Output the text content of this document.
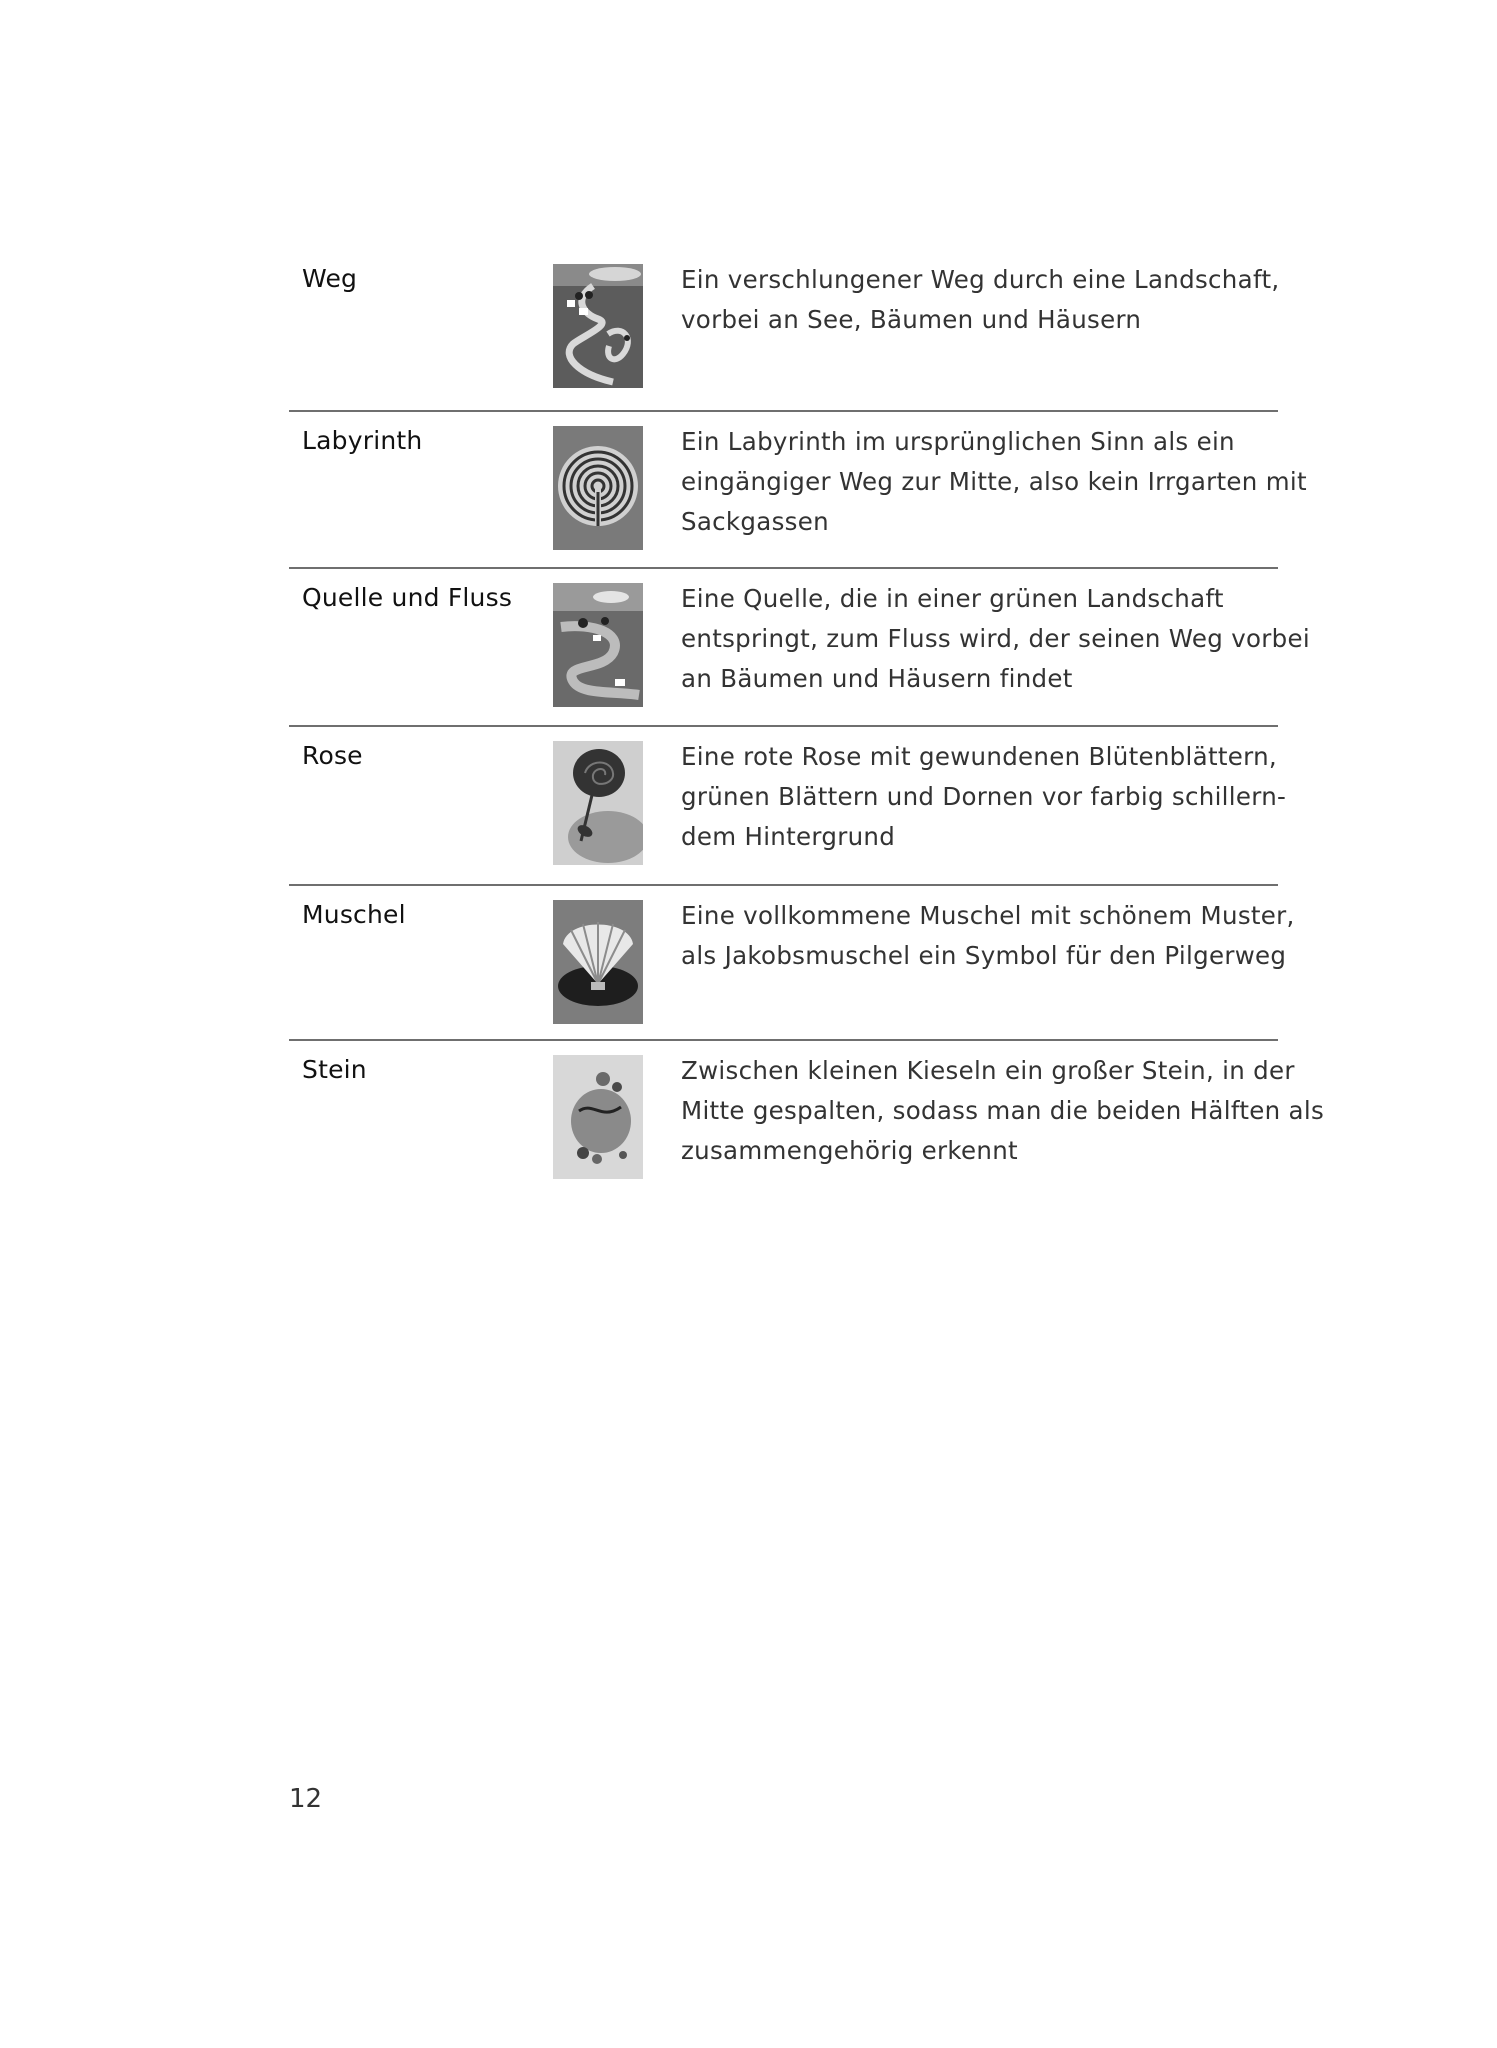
Weg	Ein verschlungener Weg durch eine Landschaft,
vorbei an See, Bäumen und Häusern
Labyrinth	Ein Labyrinth im ursprünglichen Sinn als ein
eingängiger Weg zur Mitte, also kein Irrgarten mit
Sackgassen
Quelle und Fluss	Eine Quelle, die in einer grünen Landschaft
entspringt, zum Fluss wird, der seinen Weg vorbei
an Bäumen und Häusern findet
Rose	Eine rote Rose mit gewundenen Blütenblättern,
grünen Blättern und Dornen vor farbig schillern-
dem Hintergrund
Muschel	Eine vollkommene Muschel mit schönem Muster,
als Jakobsmuschel ein Symbol für den Pilgerweg
Stein	Zwischen kleinen Kieseln ein großer Stein, in der
Mitte gespalten, sodass man die beiden Hälften als
zusammengehörig erkennt
12
